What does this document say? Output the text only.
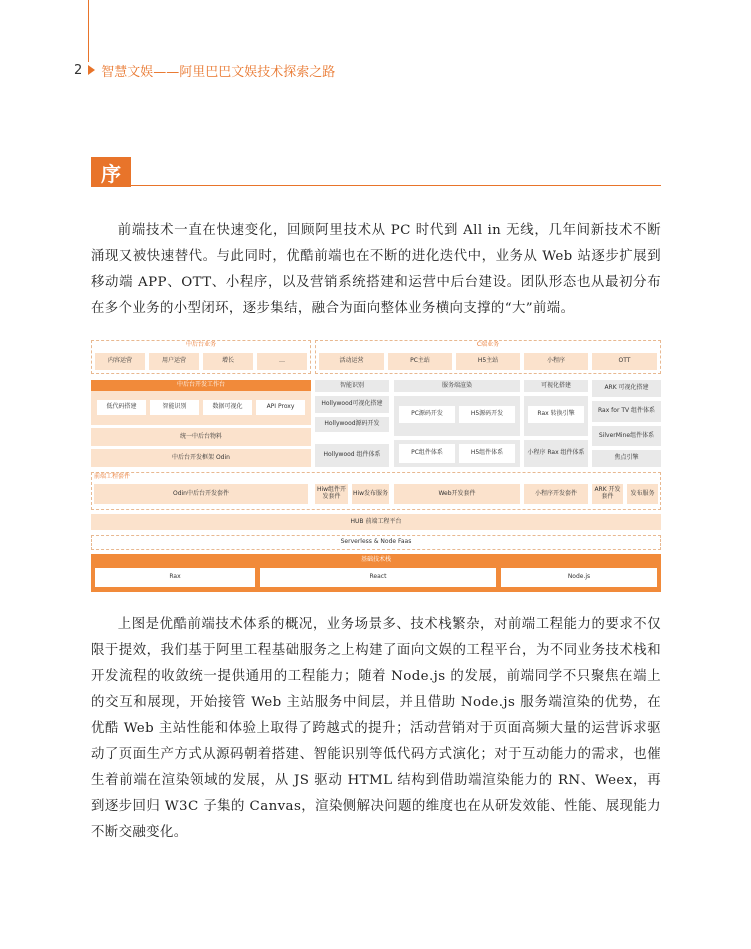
2 智慧文娱——阿里巴巴文娱技术探索之路
序

前端技术一直在快速变化，回顾阿里技术从 PC 时代到 All in 无线，几年间新技术不断涌现又被快速替代。与此同时，优酷前端也在不断的进化迭代中，业务从 Web 站逐步扩展到移动端 APP、OTT、小程序，以及营销系统搭建和运营中后台建设。团队形态也从最初分布在多个业务的小型闭环，逐步集结，融合为面向整体业务横向支撑的“大”前端。

中后台业务
内容运营	用户运营	增长	…
C端业务
活动运营	PC主站	H5主站	小程序	OTT
中后台开发工作台
低代码搭建	智能识别	数据可视化	API Proxy
统一中后台物料
中后台开发框架 Odin
智能识别
Hollywood可视化搭建
Hollywood源码开发
Hollywood 组件体系
服务端渲染
PC源码开发	H5源码开发
PC组件体系	H5组件体系
可视化搭建
Rax 转换引擎
小程序 Rax 组件体系
ARK 可视化搭建
Rax for TV 组件体系
SilverMine组件体系
焦点引擎
前端工程套件
Odin中后台开发套件	Hiw组件开发套件	Hiw发布服务	Web开发套件	小程序开发套件	ARK 开发套件	发布服务
HUB 前端工程平台
Serverless & Node Faas
基础技术栈
Rax	React	Node.js

上图是优酷前端技术体系的概况，业务场景多、技术栈繁杂，对前端工程能力的要求不仅限于提效，我们基于阿里工程基础服务之上构建了面向文娱的工程平台，为不同业务技术栈和开发流程的收敛统一提供通用的工程能力；随着 Node.js 的发展，前端同学不只聚焦在端上的交互和展现，开始接管 Web 主站服务中间层，并且借助 Node.js 服务端渲染的优势，在优酷 Web 主站性能和体验上取得了跨越式的提升；活动营销对于页面高频大量的运营诉求驱动了页面生产方式从源码朝着搭建、智能识别等低代码方式演化；对于互动能力的需求，也催生着前端在渲染领域的发展，从 JS 驱动 HTML 结构到借助端渲染能力的 RN、Weex，再到逐步回归 W3C 子集的 Canvas，渲染侧解决问题的维度也在从研发效能、性能、展现能力不断交融变化。
